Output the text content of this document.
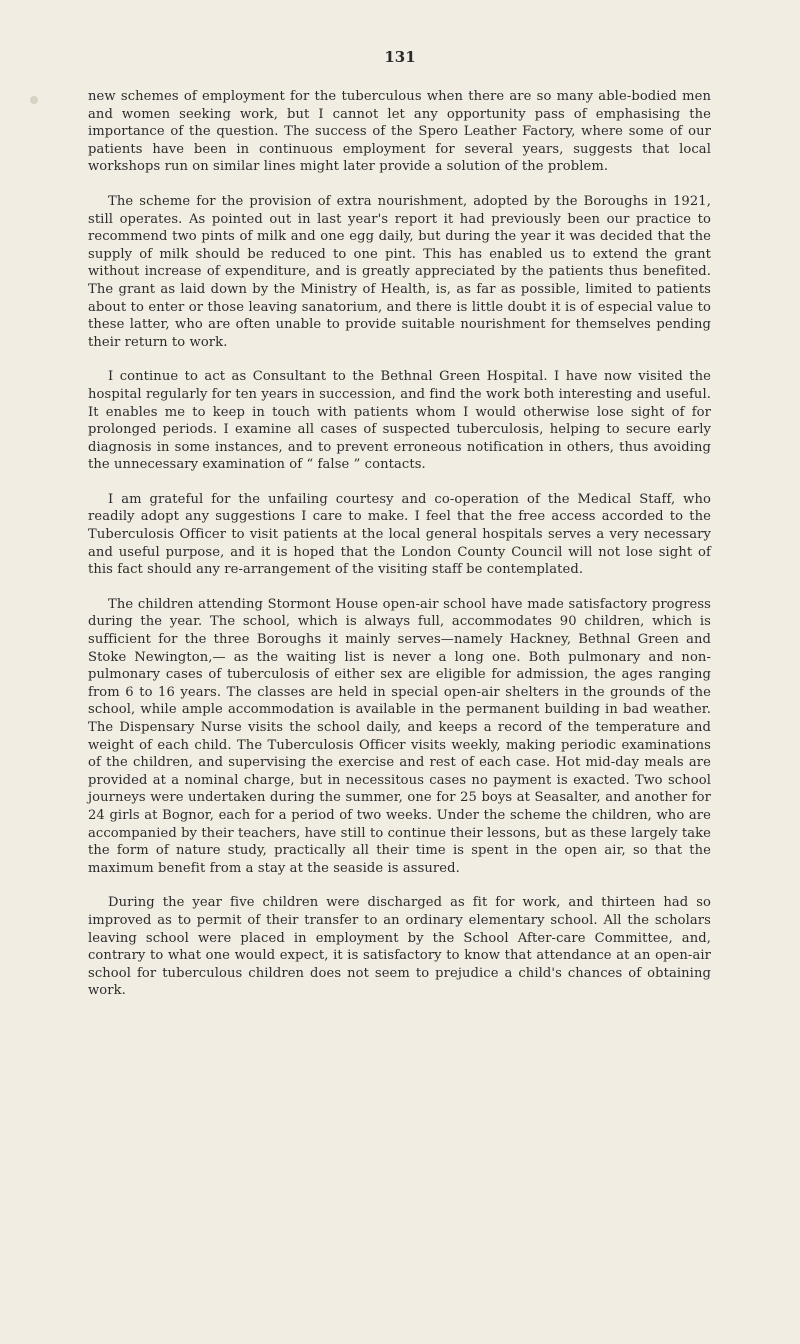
131

new schemes of employment for the tuberculous when there are so many able-bodied men and women seeking work, but I cannot let any opportunity pass of emphasising the importance of the question. The success of the Spero Leather Factory, where some of our patients have been in continuous employment for several years, suggests that local workshops run on similar lines might later provide a solution of the problem.

The scheme for the provision of extra nourishment, adopted by the Boroughs in 1921, still operates. As pointed out in last year's report it had previously been our practice to recommend two pints of milk and one egg daily, but during the year it was decided that the supply of milk should be reduced to one pint. This has enabled us to extend the grant without increase of expenditure, and is greatly appreciated by the patients thus benefited. The grant as laid down by the Ministry of Health, is, as far as possible, limited to patients about to enter or those leaving sanatorium, and there is little doubt it is of especial value to these latter, who are often unable to provide suitable nourishment for themselves pending their return to work.

I continue to act as Consultant to the Bethnal Green Hospital. I have now visited the hospital regularly for ten years in succession, and find the work both interesting and useful. It enables me to keep in touch with patients whom I would otherwise lose sight of for prolonged periods. I examine all cases of suspected tuberculosis, helping to secure early diagnosis in some instances, and to prevent erroneous notification in others, thus avoiding the unnecessary examination of “ false ” contacts.

I am grateful for the unfailing courtesy and co-operation of the Medical Staff, who readily adopt any suggestions I care to make. I feel that the free access accorded to the Tuberculosis Officer to visit patients at the local general hospitals serves a very necessary and useful purpose, and it is hoped that the London County Council will not lose sight of this fact should any re-arrangement of the visiting staff be contemplated.

The children attending Stormont House open-air school have made satisfactory progress during the year. The school, which is always full, accommodates 90 children, which is sufficient for the three Boroughs it mainly serves—namely Hackney, Bethnal Green and Stoke Newington,— as the waiting list is never a long one. Both pulmonary and non-pulmonary cases of tuberculosis of either sex are eligible for admission, the ages ranging from 6 to 16 years. The classes are held in special open-air shelters in the grounds of the school, while ample accommodation is available in the permanent building in bad weather. The Dispensary Nurse visits the school daily, and keeps a record of the temperature and weight of each child. The Tuberculosis Officer visits weekly, making periodic examinations of the children, and supervising the exercise and rest of each case. Hot mid-day meals are provided at a nominal charge, but in necessitous cases no payment is exacted. Two school journeys were undertaken during the summer, one for 25 boys at Seasalter, and another for 24 girls at Bognor, each for a period of two weeks. Under the scheme the children, who are accompanied by their teachers, have still to continue their lessons, but as these largely take the form of nature study, practically all their time is spent in the open air, so that the maximum benefit from a stay at the seaside is assured.

During the year five children were discharged as fit for work, and thirteen had so improved as to permit of their transfer to an ordinary elementary school. All the scholars leaving school were placed in employment by the School After-care Committee, and, contrary to what one would expect, it is satisfactory to know that attendance at an open-air school for tuberculous children does not seem to prejudice a child's chances of obtaining work.
